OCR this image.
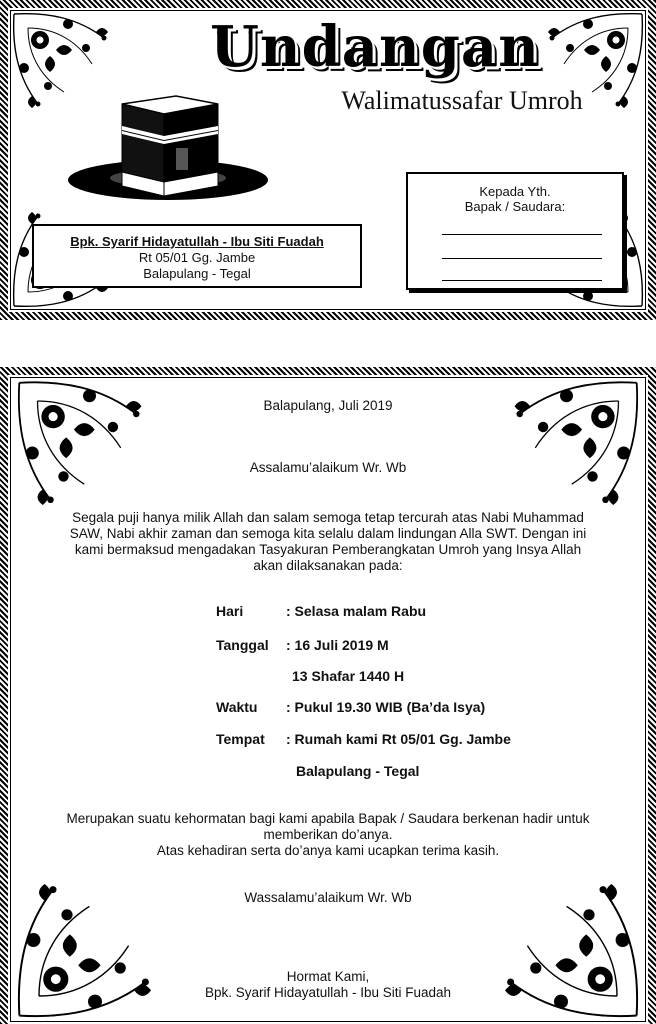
Undangan
Walimatussafar Umroh
Bpk. Syarif Hidayatullah - Ibu Siti Fuadah
Rt 05/01 Gg. Jambe
Balapulang - Tegal
Kepada Yth.
Bapak / Saudara:
Balapulang, Juli 2019
Assalamu’alaikum Wr. Wb
Segala puji hanya milik Allah dan salam semoga tetap tercurah atas Nabi Muhammad
SAW, Nabi akhir zaman dan semoga kita selalu dalam lindungan Alla SWT. Dengan ini
kami bermaksud mengadakan Tasyakuran Pemberangkatan Umroh yang Insya Allah
akan dilaksanakan pada:
Hari	: Selasa malam Rabu
Tanggal : 16 Juli 2019 M
13 Shafar 1440 H
Waktu : Pukul 19.30 WIB (Ba’da Isya)
Tempat : Rumah kami Rt 05/01 Gg. Jambe
Balapulang - Tegal
Merupakan suatu kehormatan bagi kami apabila Bapak / Saudara berkenan hadir untuk
memberikan do’anya.
Atas kehadiran serta do’anya kami ucapkan terima kasih.
Wassalamu’alaikum Wr. Wb
Hormat Kami,
Bpk. Syarif Hidayatullah - Ibu Siti Fuadah
